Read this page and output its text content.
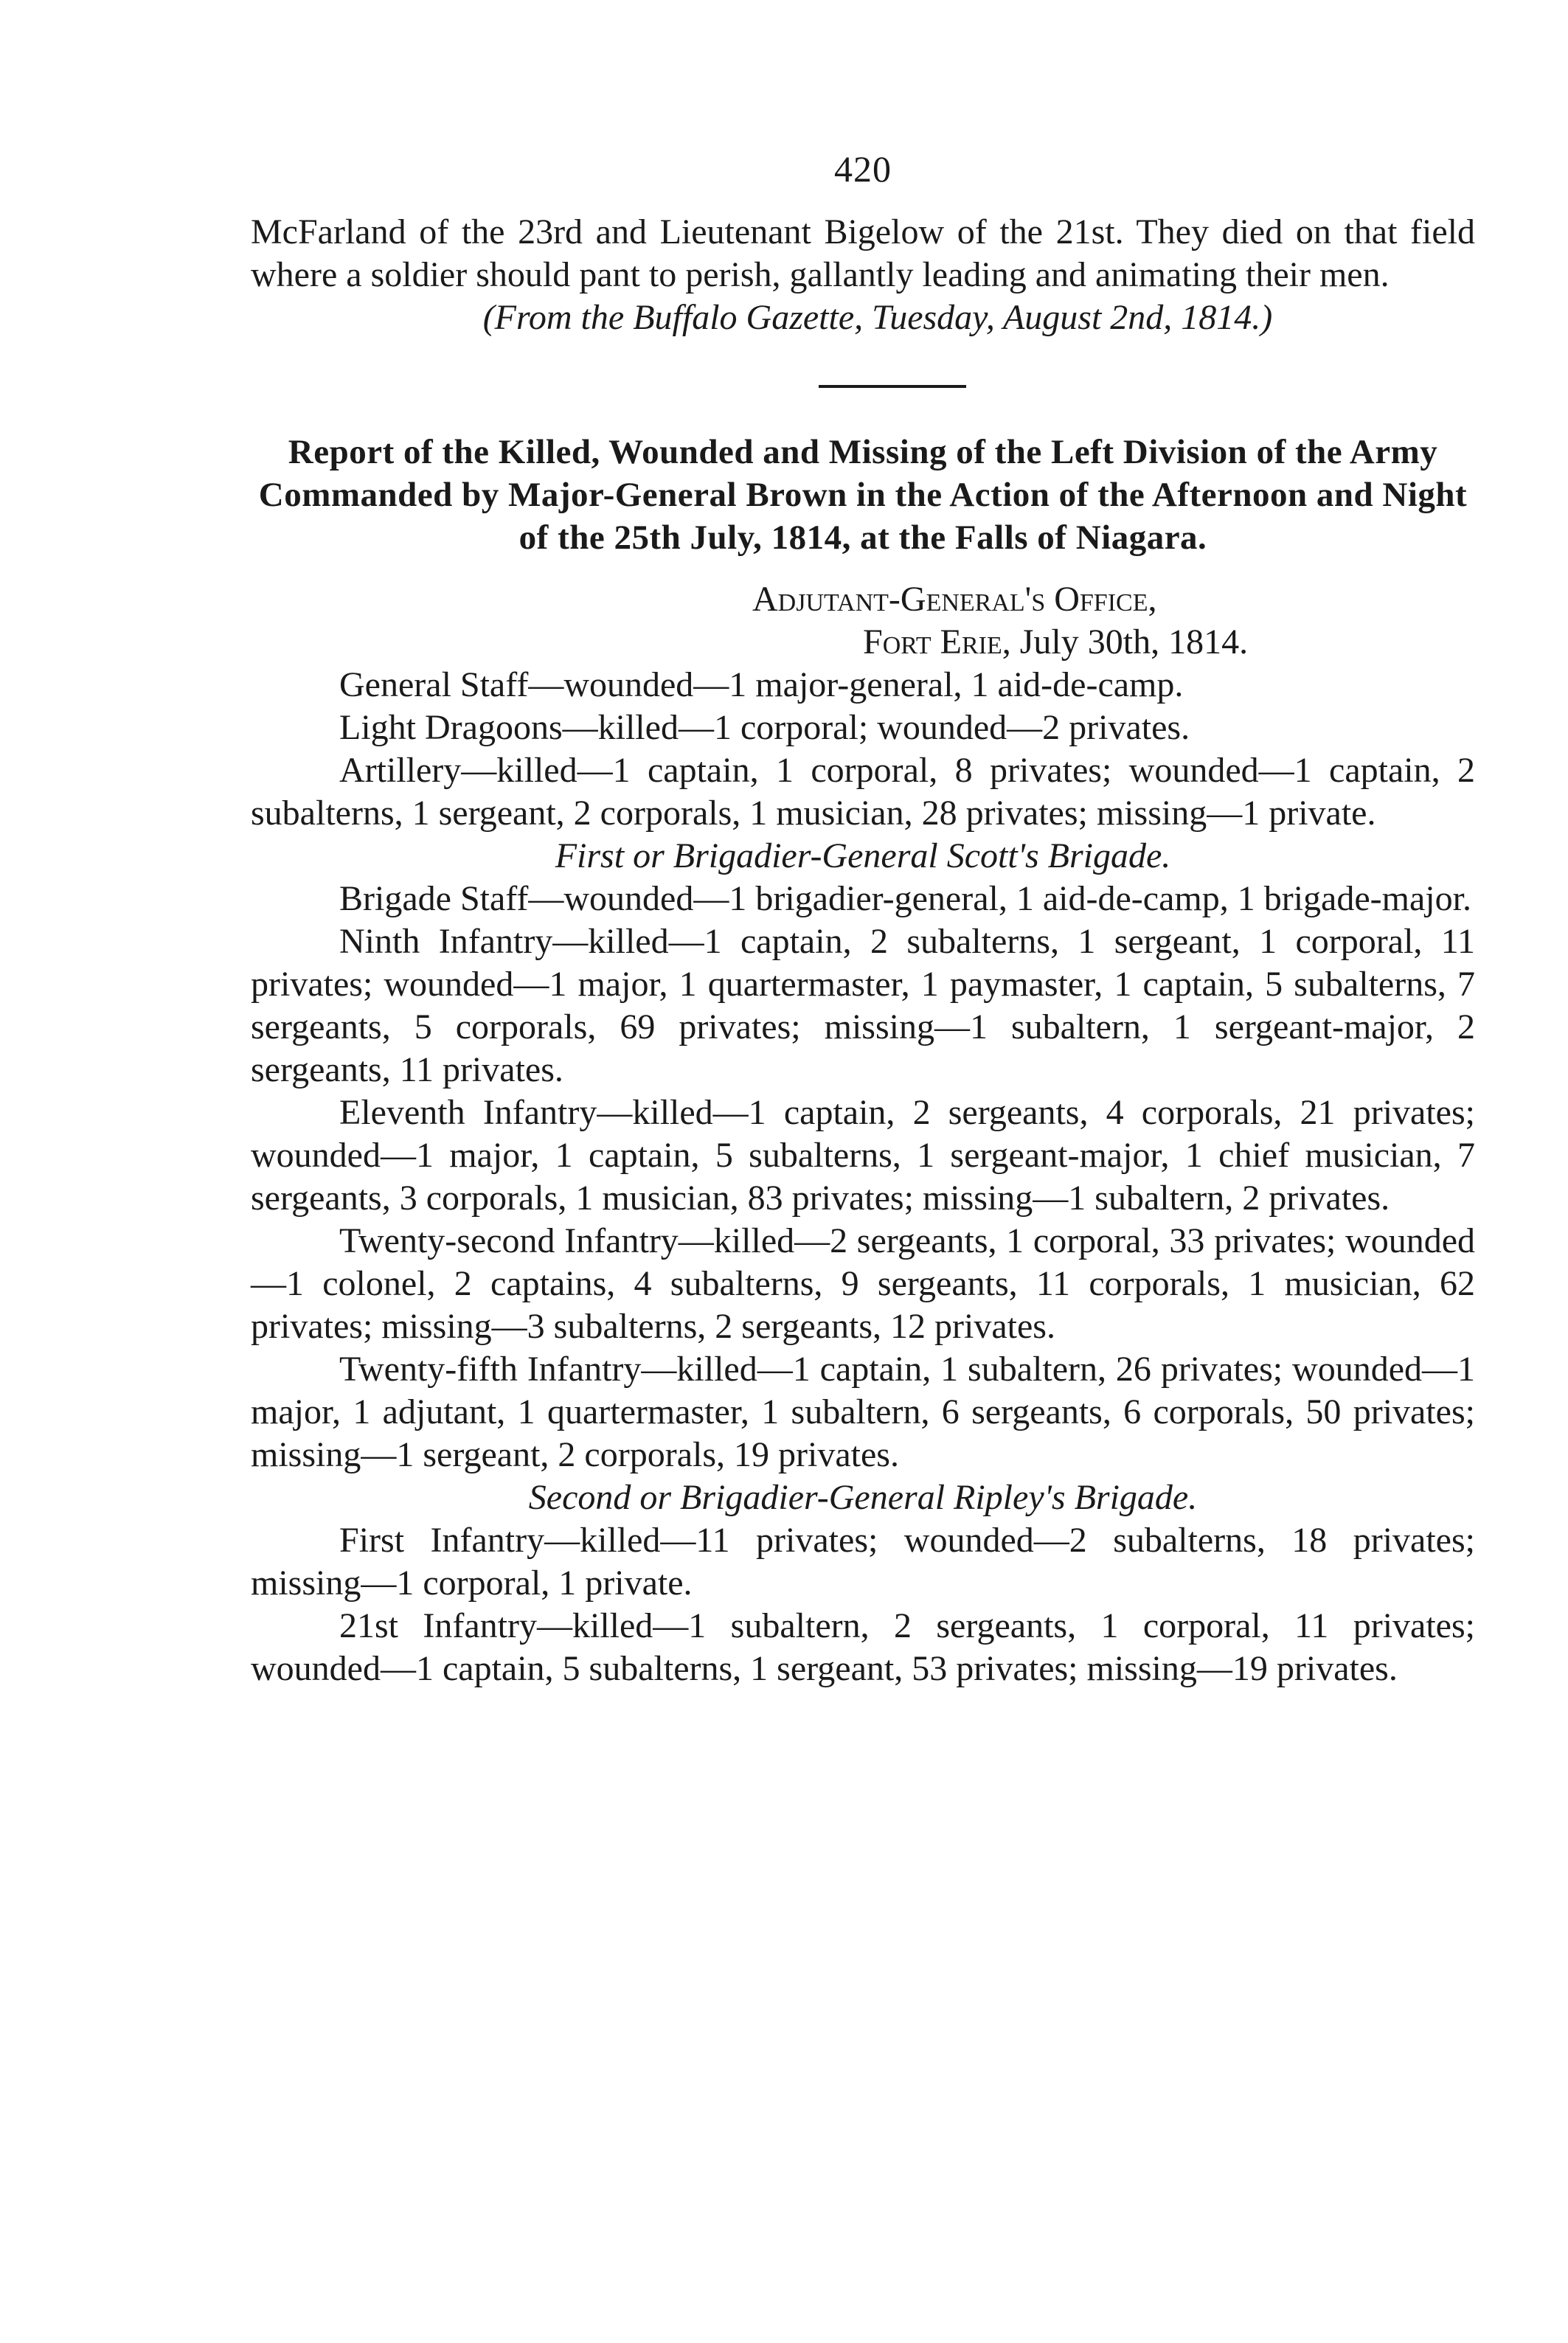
420

McFarland of the 23rd and Lieutenant Bigelow of the 21st. They died on that field where a soldier should pant to perish, gallantly leading and animating their men.

(From the Buffalo Gazette, Tuesday, August 2nd, 1814.)

Report of the Killed, Wounded and Missing of the Left Division of the Army Commanded by Major-General Brown in the Action of the Afternoon and Night of the 25th July, 1814, at the Falls of Niagara.

Adjutant-General's Office,

Fort Erie, July 30th, 1814.

General Staff—wounded—1 major-general, 1 aid-de-camp.

Light Dragoons—killed—1 corporal; wounded—2 privates.

Artillery—killed—1 captain, 1 corporal, 8 privates; wounded—1 captain, 2 subalterns, 1 sergeant, 2 corporals, 1 musician, 28 privates; missing—1 private.

First or Brigadier-General Scott's Brigade.

Brigade Staff—wounded—1 brigadier-general, 1 aid-de-camp, 1 brigade-major.

Ninth Infantry—killed—1 captain, 2 subalterns, 1 sergeant, 1 corporal, 11 privates; wounded—1 major, 1 quartermaster, 1 paymaster, 1 captain, 5 subalterns, 7 sergeants, 5 corporals, 69 privates; missing—1 subaltern, 1 sergeant-major, 2 sergeants, 11 privates.

Eleventh Infantry—killed—1 captain, 2 sergeants, 4 corporals, 21 privates; wounded—1 major, 1 captain, 5 subalterns, 1 sergeant-major, 1 chief musician, 7 sergeants, 3 corporals, 1 musician, 83 privates; missing—1 subaltern, 2 privates.

Twenty-second Infantry—killed—2 sergeants, 1 corporal, 33 privates; wounded—1 colonel, 2 captains, 4 subalterns, 9 sergeants, 11 corporals, 1 musician, 62 privates; missing—3 subalterns, 2 sergeants, 12 privates.

Twenty-fifth Infantry—killed—1 captain, 1 subaltern, 26 privates; wounded—1 major, 1 adjutant, 1 quartermaster, 1 subaltern, 6 sergeants, 6 corporals, 50 privates; missing—1 sergeant, 2 corporals, 19 privates.

Second or Brigadier-General Ripley's Brigade.

First Infantry—killed—11 privates; wounded—2 subalterns, 18 privates; missing—1 corporal, 1 private.

21st Infantry—killed—1 subaltern, 2 sergeants, 1 corporal, 11 privates; wounded—1 captain, 5 subalterns, 1 sergeant, 53 privates; missing—19 privates.
